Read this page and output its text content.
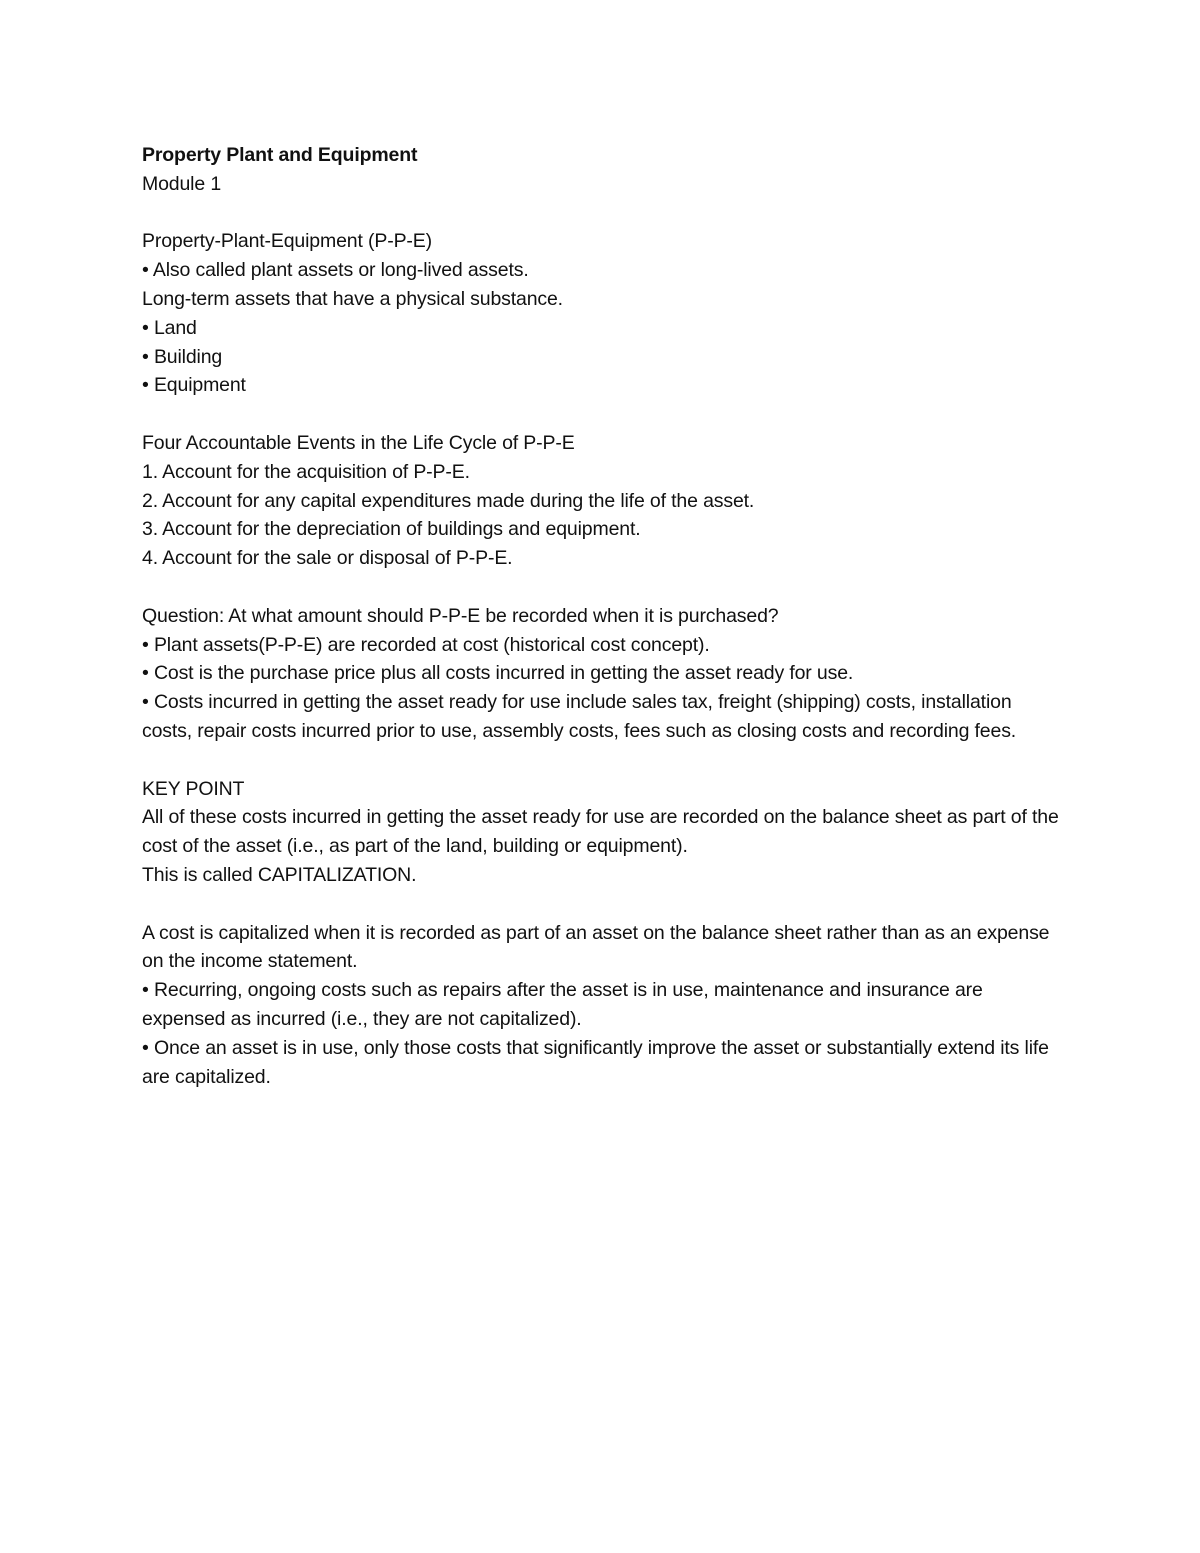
Property Plant and Equipment
Module 1
Property-Plant-Equipment (P-P-E)
• Also called plant assets or long-lived assets.
Long-term assets that have a physical substance.
• Land
• Building
• Equipment
Four Accountable Events in the Life Cycle of P-P-E
1. Account for the acquisition of P-P-E.
2. Account for any capital expenditures made during the life of the asset.
3. Account for the depreciation of buildings and equipment.
4. Account for the sale or disposal of P-P-E.
Question: At what amount should P-P-E be recorded when it is purchased?
• Plant assets(P-P-E) are recorded at cost (historical cost concept).
• Cost is the purchase price plus all costs incurred in getting the asset ready for use.
• Costs incurred in getting the asset ready for use include sales tax, freight (shipping) costs, installation costs, repair costs incurred prior to use, assembly costs, fees such as closing costs and recording fees.
KEY POINT
All of these costs incurred in getting the asset ready for use are recorded on the balance sheet as part of the cost of the asset (i.e., as part of the land, building or equipment).
This is called CAPITALIZATION.
A cost is capitalized when it is recorded as part of an asset on the balance sheet rather than as an expense on the income statement.
• Recurring, ongoing costs such as repairs after the asset is in use, maintenance and insurance are expensed as incurred (i.e., they are not capitalized).
• Once an asset is in use, only those costs that significantly improve the asset or substantially extend its life are capitalized.
